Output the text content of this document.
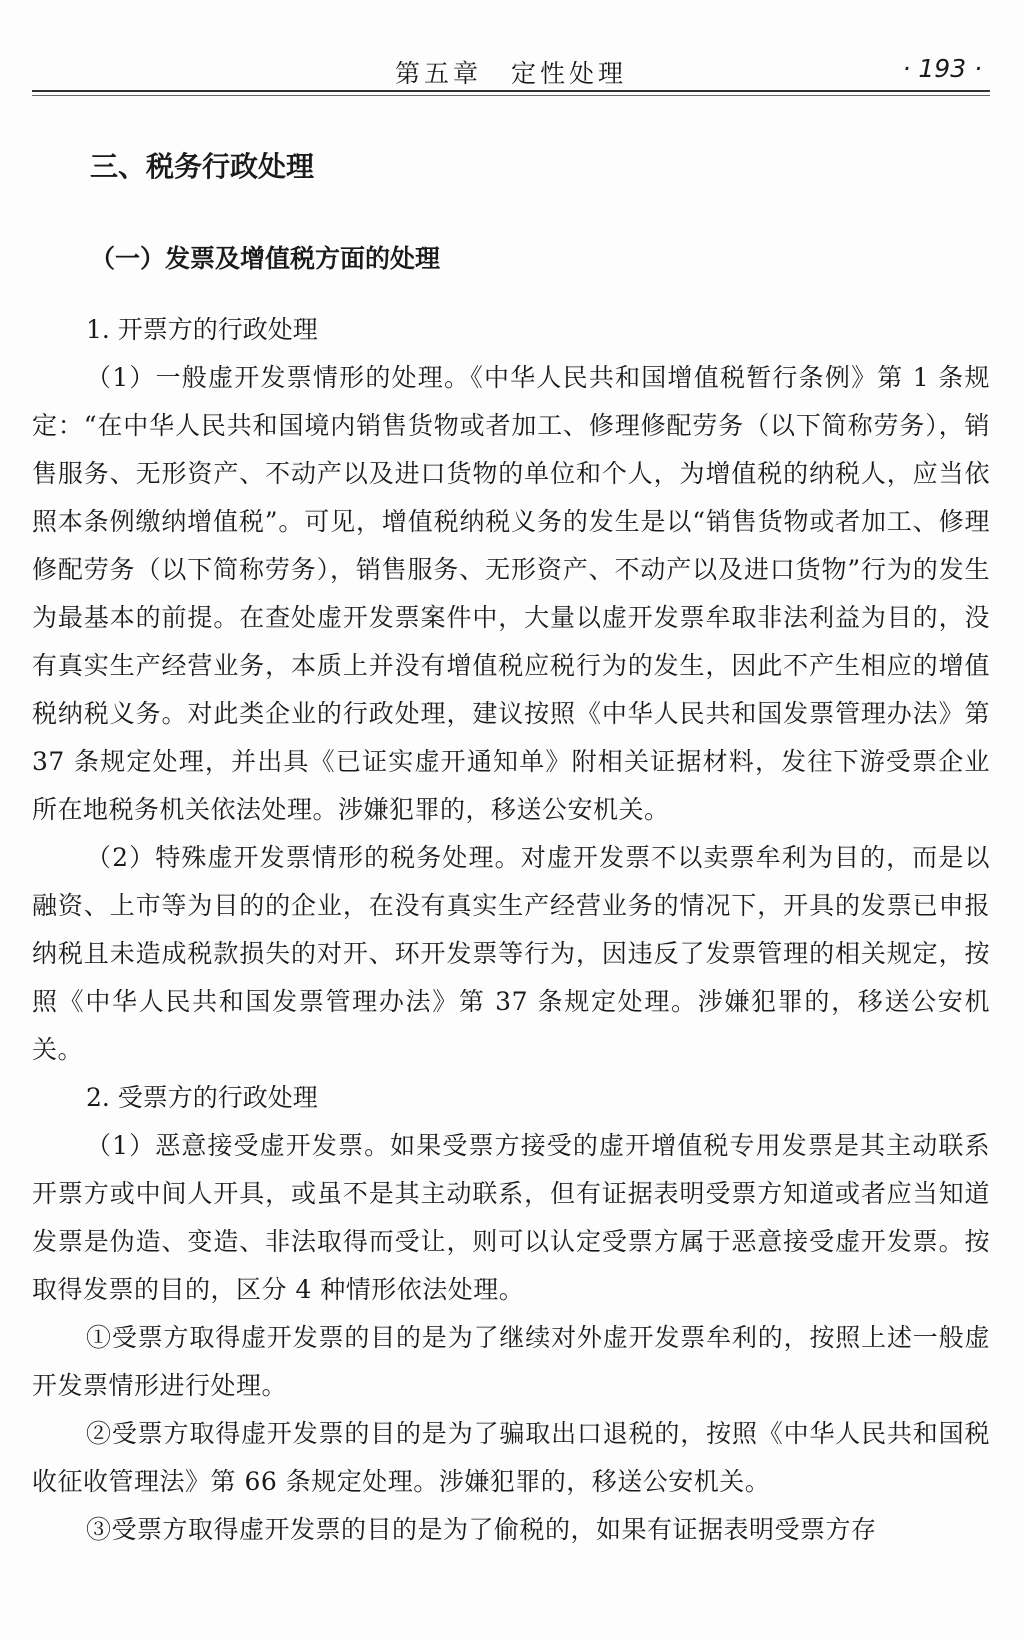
第五章　定性处理	· 193 ·
三、税务行政处理
（一）发票及增值税方面的处理
1. 开票方的行政处理

（1）一般虚开发票情形的处理。《中华人民共和国增值税暂行条例》第 1 条规定：“在中华人民共和国境内销售货物或者加工、修理修配劳务（以下简称劳务），销售服务、无形资产、不动产以及进口货物的单位和个人，为增值税的纳税人，应当依照本条例缴纳增值税”。可见，增值税纳税义务的发生是以“销售货物或者加工、修理修配劳务（以下简称劳务），销售服务、无形资产、不动产以及进口货物”行为的发生为最基本的前提。在查处虚开发票案件中，大量以虚开发票牟取非法利益为目的，没有真实生产经营业务，本质上并没有增值税应税行为的发生，因此不产生相应的增值税纳税义务。对此类企业的行政处理，建议按照《中华人民共和国发票管理办法》第 37 条规定处理，并出具《已证实虚开通知单》附相关证据材料，发往下游受票企业所在地税务机关依法处理。涉嫌犯罪的，移送公安机关。

（2）特殊虚开发票情形的税务处理。对虚开发票不以卖票牟利为目的，而是以融资、上市等为目的的企业，在没有真实生产经营业务的情况下，开具的发票已申报纳税且未造成税款损失的对开、环开发票等行为，因违反了发票管理的相关规定，按照《中华人民共和国发票管理办法》第 37 条规定处理。涉嫌犯罪的，移送公安机关。

2. 受票方的行政处理

（1）恶意接受虚开发票。如果受票方接受的虚开增值税专用发票是其主动联系开票方或中间人开具，或虽不是其主动联系，但有证据表明受票方知道或者应当知道发票是伪造、变造、非法取得而受让，则可以认定受票方属于恶意接受虚开发票。按取得发票的目的，区分 4 种情形依法处理。

①受票方取得虚开发票的目的是为了继续对外虚开发票牟利的，按照上述一般虚开发票情形进行处理。

②受票方取得虚开发票的目的是为了骗取出口退税的，按照《中华人民共和国税收征收管理法》第 66 条规定处理。涉嫌犯罪的，移送公安机关。

③受票方取得虚开发票的目的是为了偷税的，如果有证据表明受票方存
